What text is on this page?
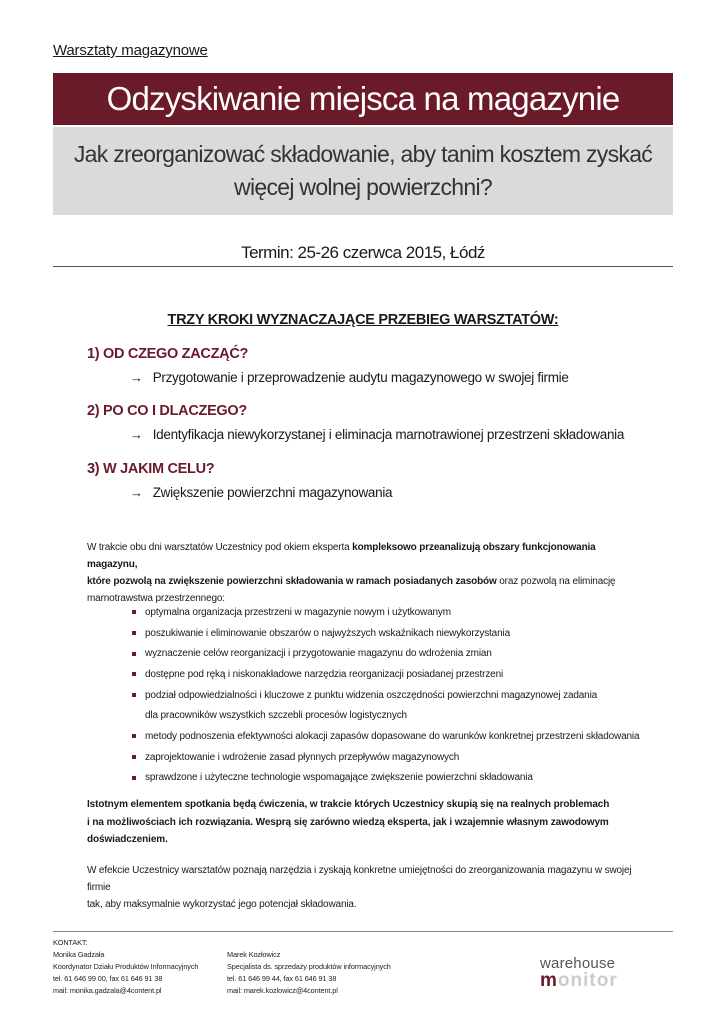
Warsztaty magazynowe
Odzyskiwanie miejsca na magazynie
Jak zreorganizować składowanie, aby tanim kosztem zyskać
więcej wolnej powierzchni?
Termin: 25-26 czerwca 2015, Łódź
TRZY KROKI WYZNACZAJĄCE PRZEBIEG WARSZTATÓW:
1) OD CZEGO ZACZĄĆ?
→ Przygotowanie i przeprowadzenie audytu magazynowego w swojej firmie
2) PO CO I DLACZEGO?
→ Identyfikacja niewykorzystanej i eliminacja marnotrawionej przestrzeni składowania
3) W JAKIM CELU?
→ Zwiększenie powierzchni magazynowania
W trakcie obu dni warsztatów Uczestnicy pod okiem eksperta kompleksowo przeanalizują obszary funkcjonowania magazynu,
które pozwolą na zwiększenie powierzchni składowania w ramach posiadanych zasobów oraz pozwolą na eliminację
marnotrawstwa przestrzennego:
optymalna organizacja przestrzeni w magazynie nowym i użytkowanym
poszukiwanie i eliminowanie obszarów o najwyższych wskaźnikach niewykorzystania
wyznaczenie celów reorganizacji i przygotowanie magazynu do wdrożenia zmian
dostępne pod ręką i niskonakładowe narzędzia reorganizacji posiadanej przestrzeni
podział odpowiedzialności i kluczowe z punktu widzenia oszczędności powierzchni magazynowej zadania
dla pracowników wszystkich szczebli procesów logistycznych
metody podnoszenia efektywności alokacji zapasów dopasowane do warunków konkretnej przestrzeni składowania
zaprojektowanie i wdrożenie zasad płynnych przepływów magazynowych
sprawdzone i użyteczne technologie wspomagające zwiększenie powierzchni składowania
Istotnym elementem spotkania będą ćwiczenia, w trakcie których Uczestnicy skupią się na realnych problemach
i na możliwościach ich rozwiązania. Wesprą się zarówno wiedzą eksperta, jak i wzajemnie własnym zawodowym
doświadczeniem.
W efekcie Uczestnicy warsztatów poznają narzędzia i zyskają konkretne umiejętności do zreorganizowania magazynu w swojej firmie
tak, aby maksymalnie wykorzystać jego potencjał składowania.
KONTAKT:
Monika Gadzała
Koordynator Działu Produktów Informacyjnych
tel. 61 646 99 00, fax 61 646 91 38
mail: monika.gadzala@4content.pl
Marek Kozłowicz
Specjalista ds. sprzedaży produktów informacyjnych
tel. 61 646 99 44, fax 61 646 91 38
mail: marek.kozlowicz@4content.pl
warehouse
monitor
